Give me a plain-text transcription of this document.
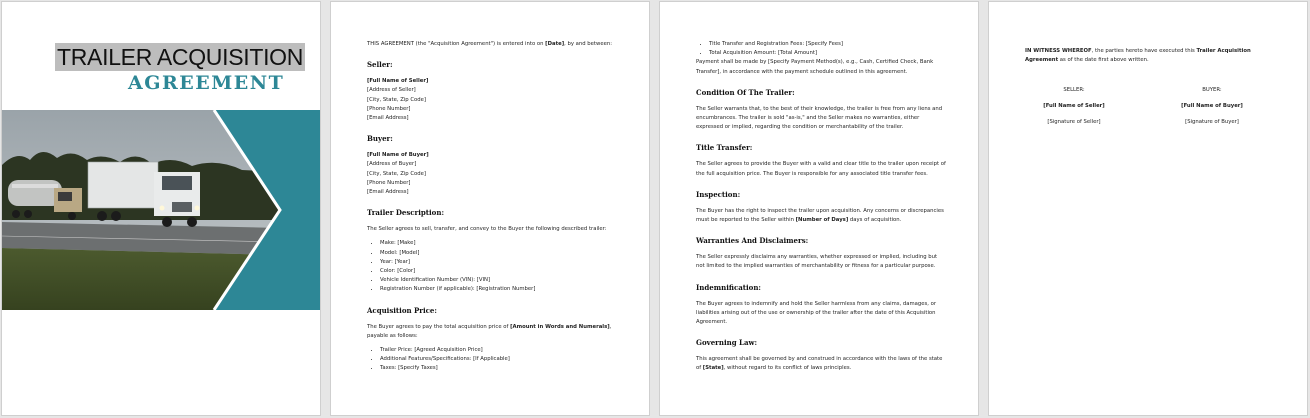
TRAILER ACQUISITION
AGREEMENT

THIS AGREEMENT (the "Acquisition Agreement") is entered into on [Date], by and between:

Seller:

[Full Name of Seller]

[Address of Seller]

[City, State, Zip Code]

[Phone Number]

[Email Address]

Buyer:

[Full Name of Buyer]

[Address of Buyer]

[City, State, Zip Code]

[Phone Number]

[Email Address]

Trailer Description:

The Seller agrees to sell, transfer, and convey to the Buyer the following described trailer:

• Make: [Make]
• Model: [Model]
• Year: [Year]
• Color: [Color]
• Vehicle Identification Number (VIN): [VIN]
• Registration Number (if applicable): [Registration Number]
Acquisition Price:

The Buyer agrees to pay the total acquisition price of [Amount in Words and Numerals], payable as follows:

• Trailer Price: [Agreed Acquisition Price]
• Additional Features/Specifications: [If Applicable]
• Taxes: [Specify Taxes]
• Title Transfer and Registration Fees: [Specify Fees]
• Total Acquisition Amount: [Total Amount]

Payment shall be made by [Specify Payment Method(s), e.g., Cash, Certified Check, Bank Transfer], in accordance with the payment schedule outlined in this agreement.

Condition Of The Trailer:

The Seller warrants that, to the best of their knowledge, the trailer is free from any liens and encumbrances. The trailer is sold "as-is," and the Seller makes no warranties, either expressed or implied, regarding the condition or merchantability of the trailer.

Title Transfer:

The Seller agrees to provide the Buyer with a valid and clear title to the trailer upon receipt of the full acquisition price. The Buyer is responsible for any associated title transfer fees.

Inspection:

The Buyer has the right to inspect the trailer upon acquisition. Any concerns or discrepancies must be reported to the Seller within [Number of Days] days of acquisition.

Warranties And Disclaimers:

The Seller expressly disclaims any warranties, whether expressed or implied, including but not limited to the implied warranties of merchantability or fitness for a particular purpose.

Indemnification:

The Buyer agrees to indemnify and hold the Seller harmless from any claims, damages, or liabilities arising out of the use or ownership of the trailer after the date of this Acquisition Agreement.

Governing Law:

This agreement shall be governed by and construed in accordance with the laws of the state of [State], without regard to its conflict of laws principles.

IN WITNESS WHEREOF, the parties hereto have executed this Trailer Acquisition Agreement as of the date first above written.

SELLER:
[Full Name of Seller]
[Signature of Seller]
BUYER:
[Full Name of Buyer]
[Signature of Buyer]
